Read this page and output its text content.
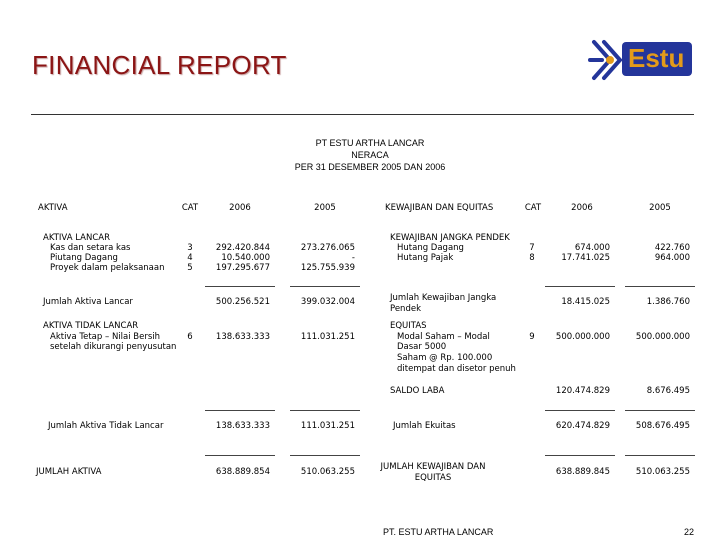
FINANCIAL REPORT	Estu
PT ESTU ARTHA LANCAR
NERACA
PER 31 DESEMBER 2005 DAN 2006
AKTIVA	CAT	2006	2005	KEWAJIBAN DAN EQUITAS	CAT	2006	2005
AKTIVA LANCAR
Kas dan setara kas	3	292.420.844	273.276.065
Piutang Dagang	4	10.540.000	-
Proyek dalam pelaksanaan	5	197.295.677	125.755.939
Jumlah Aktiva Lancar	500.256.521	399.032.004
AKTIVA TIDAK LANCAR
Aktiva Tetap – Nilai Bersih
setelah dikurangi penyusutan
6	138.633.333	111.031.251
Jumlah Aktiva Tidak Lancar	138.633.333	111.031.251
JUMLAH AKTIVA	638.889.854	510.063.255
KEWAJIBAN JANGKA PENDEK
Hutang Dagang	7	674.000	422.760
Hutang Pajak	8	17.741.025	964.000
Jumlah Kewajiban Jangka
Pendek
18.415.025	1.386.760
EQUITAS
Modal Saham – Modal
Dasar 5000
Saham @ Rp. 100.000
ditempat dan disetor penuh
9	500.000.000	500.000.000
SALDO LABA	120.474.829	8.676.495
Jumlah Ekuitas	620.474.829	508.676.495
JUMLAH KEWAJIBAN DAN
EQUITAS
638.889.845	510.063.255
PT. ESTU ARTHA LANCAR	22
